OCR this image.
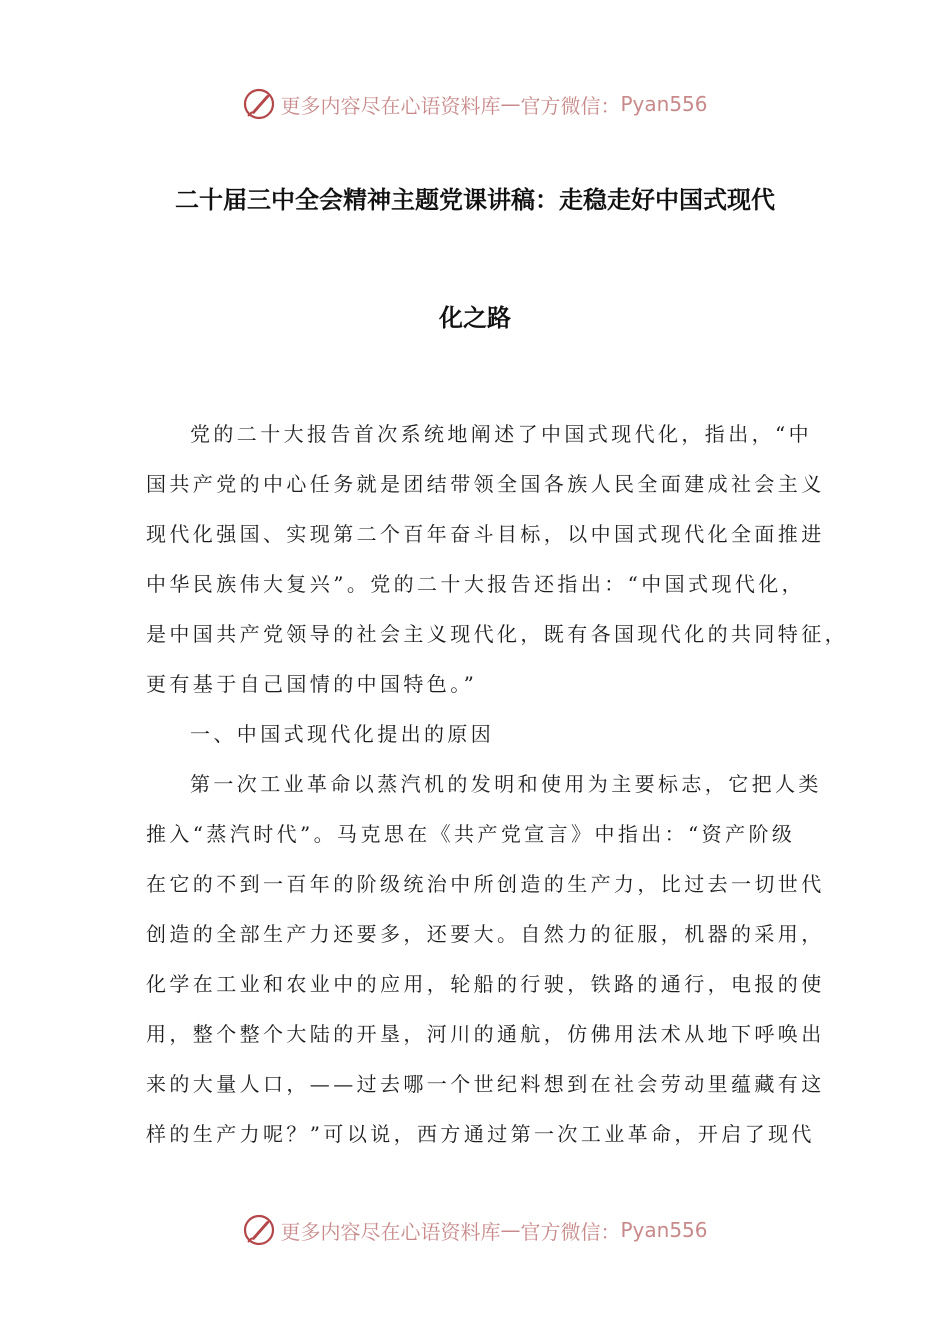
更多内容尽在心语资料库 — 官方微信： Pyan556
二十届三中全会精神主题党课讲稿：走稳走好中国式现代
化之路
党的二十大报告首次系统地阐述了中国式现代化，指出，“中
国共产党的中心任务就是团结带领全国各族人民全面建成社会主义
现代化强国、实现第二个百年奋斗目标，以中国式现代化全面推进
中华民族伟大复兴”。党的二十大报告还指出：“中国式现代化，
是中国共产党领导的社会主义现代化，既有各国现代化的共同特征，
更有基于自己国情的中国特色。”
一、中国式现代化提出的原因
第一次工业革命以蒸汽机的发明和使用为主要标志，它把人类
推入“蒸汽时代”。马克思在《共产党宣言》中指出：“资产阶级
在它的不到一百年的阶级统治中所创造的生产力，比过去一切世代
创造的全部生产力还要多，还要大。自然力的征服，机器的采用，
化学在工业和农业中的应用，轮船的行驶，铁路的通行，电报的使
用，整个整个大陆的开垦，河川的通航，仿佛用法术从地下呼唤出
来的大量人口，——过去哪一个世纪料想到在社会劳动里蕴藏有这
样的生产力呢？”可以说，西方通过第一次工业革命，开启了现代
更多内容尽在心语资料库 — 官方微信： Pyan556
